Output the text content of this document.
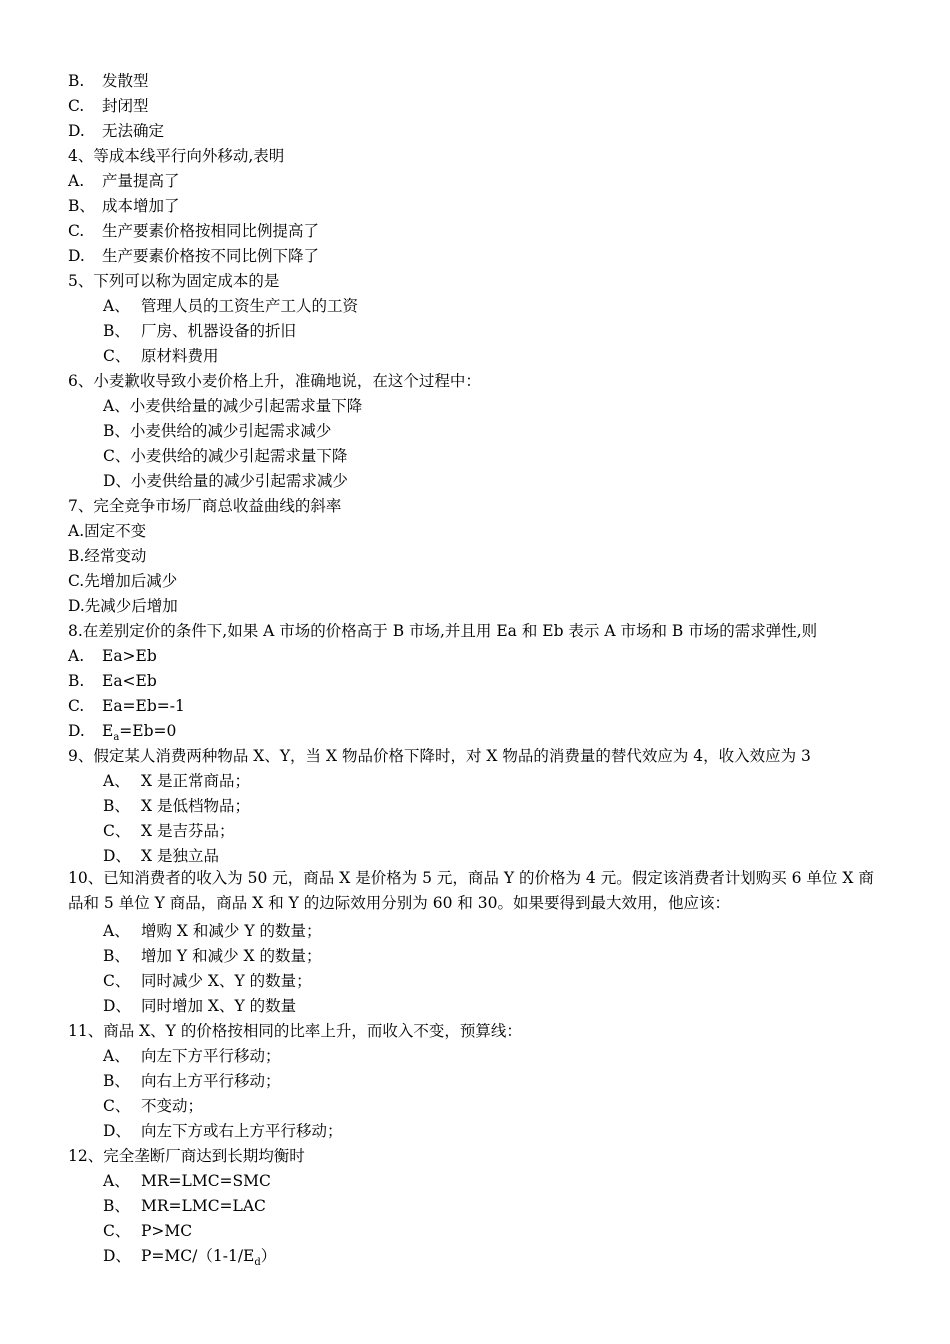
B. 发散型
C. 封闭型
D. 无法确定
4、等成本线平行向外移动,表明
A. 产量提高了
B、 成本增加了
C. 生产要素价格按相同比例提高了
D. 生产要素价格按不同比例下降了
5、下列可以称为固定成本的是
A、 管理人员的工资生产工人的工资
B、 厂房、机器设备的折旧
C、 原材料费用
6、小麦歉收导致小麦价格上升，准确地说，在这个过程中：
A、小麦供给量的减少引起需求量下降
B、小麦供给的减少引起需求减少
C、小麦供给的减少引起需求量下降
D、小麦供给量的减少引起需求减少
7、完全竞争市场厂商总收益曲线的斜率
A.固定不变
B.经常变动
C.先增加后减少
D.先减少后增加
8.在差别定价的条件下,如果 A 市场的价格高于 B 市场,并且用 Ea 和 Eb 表示 A 市场和 B 市场的需求弹性,则
A. Ea>Eb
B. Ea<Eb
C. Ea=Eb=-1
D. $E_a=Eb=0$
9、假定某人消费两种物品 X、Y，当 X 物品价格下降时，对 X 物品的消费量的替代效应为 4，收入效应为 3
A、 X 是正常商品；
B、 X 是低档物品；
C、 X 是吉芬品；
D、 X 是独立品
10、已知消费者的收入为 50 元，商品 X 是价格为 5 元，商品 Y 的价格为 4 元。假定该消费者计划购买 6 单位 X 商品和 5 单位 Y 商品，商品 X 和 Y 的边际效用分别为 60 和 30。如果要得到最大效用，他应该：
A、 增购 X 和减少 Y 的数量；
B、 增加 Y 和减少 X 的数量；
C、 同时减少 X、Y 的数量；
D、 同时增加 X、Y 的数量
11、商品 X、Y 的价格按相同的比率上升，而收入不变，预算线：
A、 向左下方平行移动；
B、 向右上方平行移动；
C、 不变动；
D、 向左下方或右上方平行移动；
12、完全垄断厂商达到长期均衡时
A、 MR=LMC=SMC
B、 MR=LMC=LAC
C、 P>MC
D、 $P=MC/(1-1/E_d)$
